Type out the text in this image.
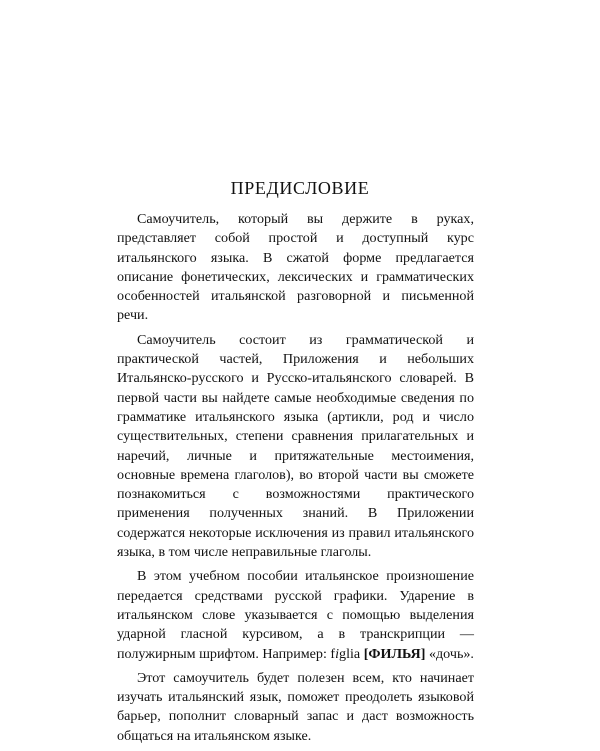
ПРЕДИСЛОВИЕ

Самоучитель, который вы держите в руках, представляет собой простой и доступный курс итальянского языка. В сжатой форме предлагается описание фонетических, лексических и грамматических особенностей итальянской разговорной и письменной речи.

Самоучитель состоит из грамматической и практической частей, Приложения и небольших Итальянско-русского и Русско-итальянского словарей. В первой части вы найдете самые необходимые сведения по грамматике итальянского языка (артикли, род и число существительных, степени сравнения прилагательных и наречий, личные и притяжательные местоимения, основные времена глаголов), во второй части вы сможете познакомиться с возможностями практического применения полученных знаний. В Приложении содержатся некоторые исключения из правил итальянского языка, в том числе неправильные глаголы.

В этом учебном пособии итальянское произношение передается средствами русской графики. Ударение в итальянском слове указывается с помощью выделения ударной гласной курсивом, а в транскрипции — полужирным шрифтом. Например: figlia [ФИЛЬЯ] «дочь».

Этот самоучитель будет полезен всем, кто начинает изучать итальянский язык, поможет преодолеть языковой барьер, пополнит словарный запас и даст возможность общаться на итальянском языке.
